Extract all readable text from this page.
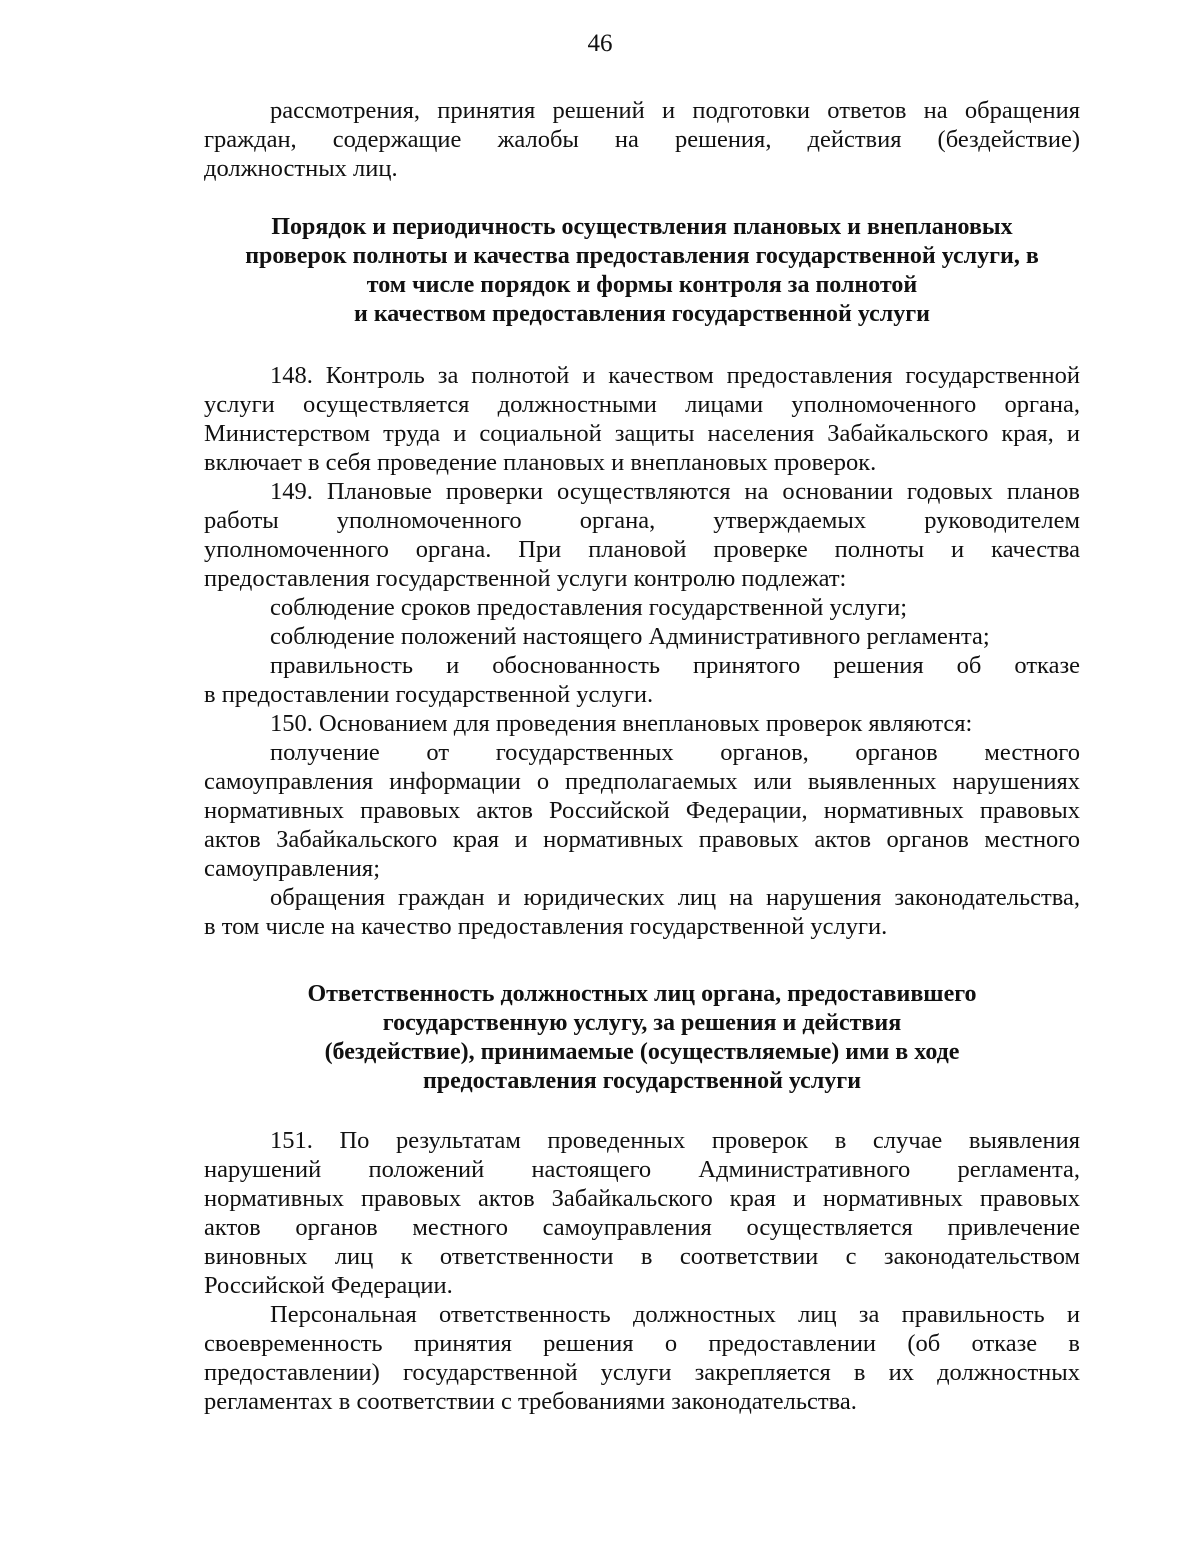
46
рассмотрения, принятия решений и подготовки ответов на обращения
граждан, содержащие жалобы на решения, действия (бездействие)
должностных лиц.
Порядок и периодичность осуществления плановых и внеплановых
проверок полноты и качества предоставления государственной услуги, в
том числе порядок и формы контроля за полнотой
и качеством предоставления государственной услуги
148. Контроль за полнотой и качеством предоставления государственной
услуги осуществляется должностными лицами уполномоченного органа,
Министерством труда и социальной защиты населения Забайкальского края, и
включает в себя проведение плановых и внеплановых проверок.
149. Плановые проверки осуществляются на основании годовых планов
работы уполномоченного органа, утверждаемых руководителем
уполномоченного органа. При плановой проверке полноты и качества
предоставления государственной услуги контролю подлежат:
соблюдение сроков предоставления государственной услуги;
соблюдение положений настоящего Административного регламента;
правильность и обоснованность принятого решения об отказе
в предоставлении государственной услуги.
150. Основанием для проведения внеплановых проверок являются:
получение от государственных органов, органов местного
самоуправления информации о предполагаемых или выявленных нарушениях
нормативных правовых актов Российской Федерации, нормативных правовых
актов Забайкальского края и нормативных правовых актов органов местного
самоуправления;
обращения граждан и юридических лиц на нарушения законодательства,
в том числе на качество предоставления государственной услуги.
Ответственность должностных лиц органа, предоставившего
государственную услугу, за решения и действия
(бездействие), принимаемые (осуществляемые) ими в ходе
предоставления государственной услуги
151. По результатам проведенных проверок в случае выявления
нарушений положений настоящего Административного регламента,
нормативных правовых актов Забайкальского края и нормативных правовых
актов органов местного самоуправления осуществляется привлечение
виновных лиц к ответственности в соответствии с законодательством
Российской Федерации.
Персональная ответственность должностных лиц за правильность и
своевременность принятия решения о предоставлении (об отказе в
предоставлении) государственной услуги закрепляется в их должностных
регламентах в соответствии с требованиями законодательства.
